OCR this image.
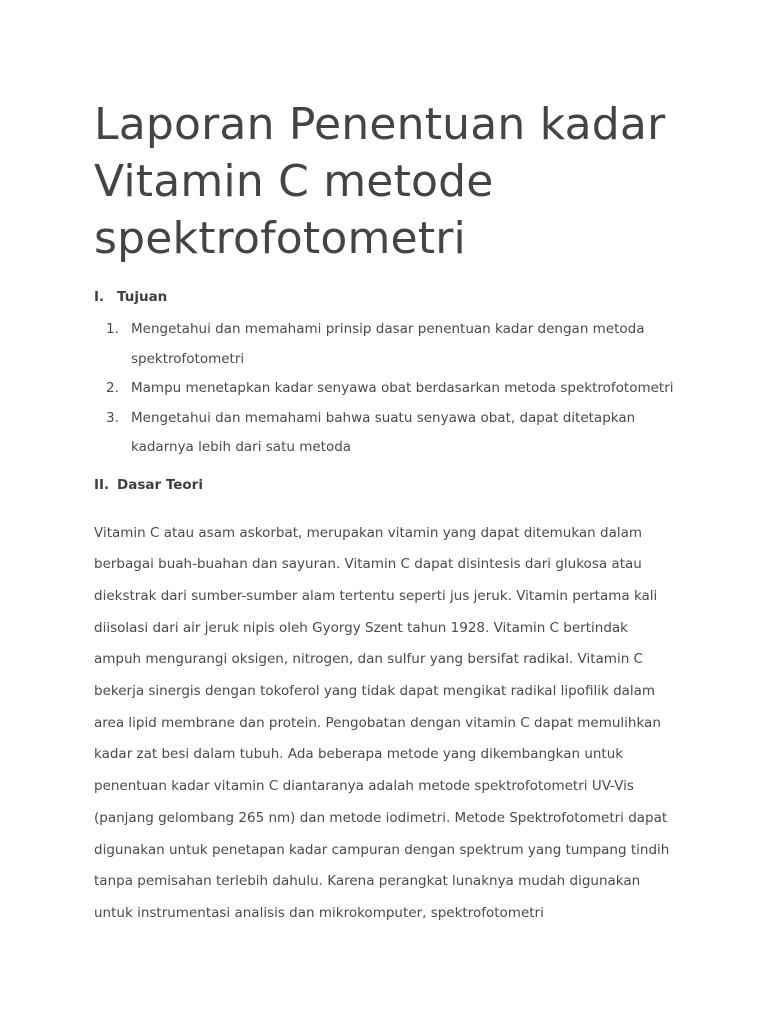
Laporan Penentuan kadar Vitamin C metode spektrofotometri
I. Tujuan
1. Mengetahui dan memahami prinsip dasar penentuan kadar dengan metoda spektrofotometri
2. Mampu menetapkan kadar senyawa obat berdasarkan metoda spektrofotometri
3. Mengetahui dan memahami bahwa suatu senyawa obat, dapat ditetapkan kadarnya lebih dari satu metoda
II. Dasar Teori

Vitamin C atau asam askorbat, merupakan vitamin yang dapat ditemukan dalam berbagai buah-buahan dan sayuran. Vitamin C dapat disintesis dari glukosa atau diekstrak dari sumber-sumber alam tertentu seperti jus jeruk. Vitamin pertama kali diisolasi dari air jeruk nipis oleh Gyorgy Szent tahun 1928. Vitamin C bertindak ampuh mengurangi oksigen, nitrogen, dan sulfur yang bersifat radikal. Vitamin C bekerja sinergis dengan tokoferol yang tidak dapat mengikat radikal lipofilik dalam area lipid membrane dan protein. Pengobatan dengan vitamin C dapat memulihkan kadar zat besi dalam tubuh. Ada beberapa metode yang dikembangkan untuk penentuan kadar vitamin C diantaranya adalah metode spektrofotometri UV-Vis (panjang gelombang 265 nm) dan metode iodimetri. Metode Spektrofotometri dapat digunakan untuk penetapan kadar campuran dengan spektrum yang tumpang tindih tanpa pemisahan terlebih dahulu. Karena perangkat lunaknya mudah digunakan untuk instrumentasi analisis dan mikrokomputer, spektrofotometri
